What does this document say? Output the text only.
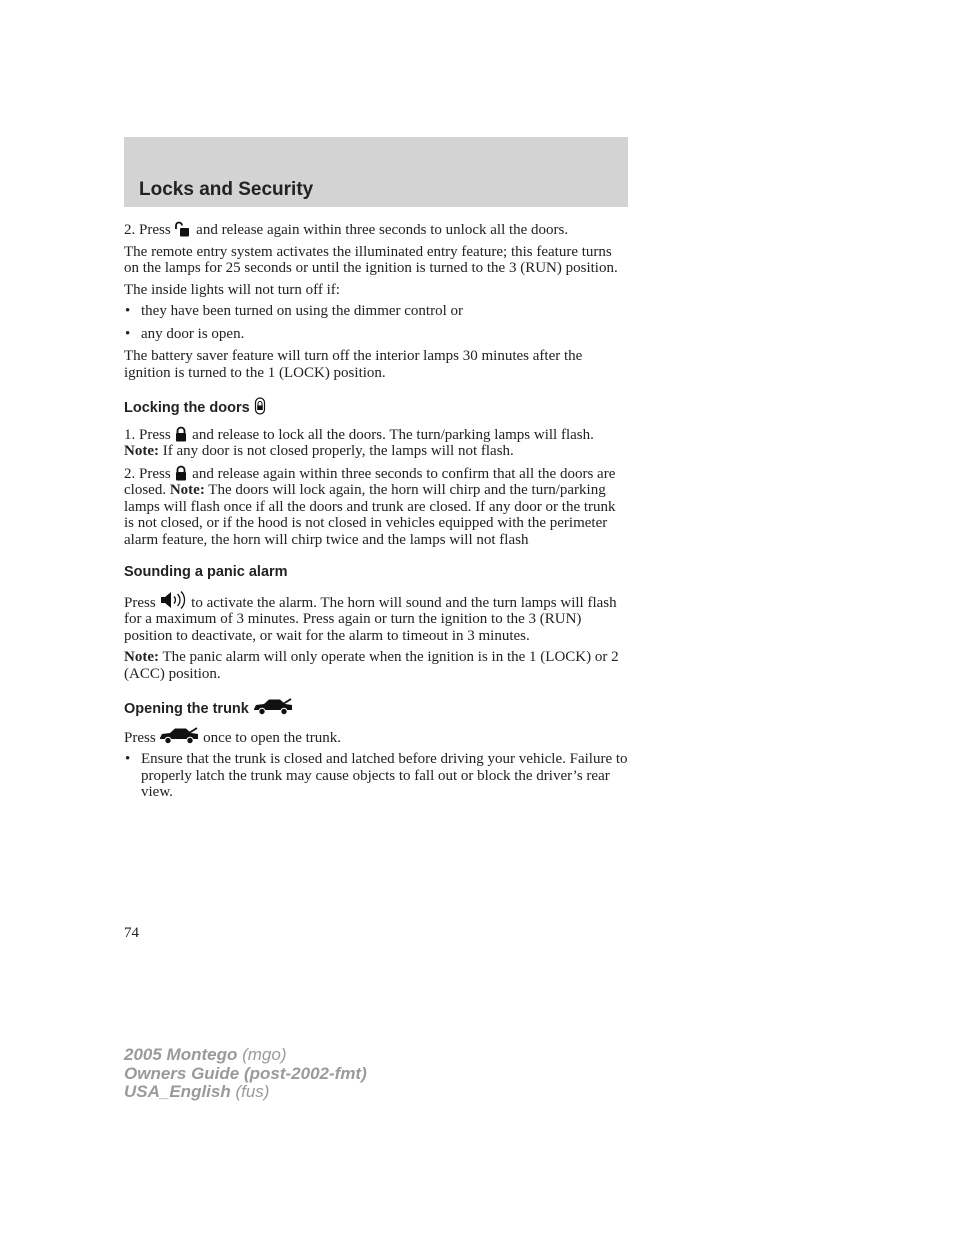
Locks and Security

2. Press
and release again within three seconds to unlock all the doors.

The remote entry system activates the illuminated entry feature; this feature turns on the lamps for 25 seconds or until the ignition is turned to the 3 (RUN) position.

The inside lights will not turn off if:

• they have been turned on using the dimmer control or
• any door is open.

The battery saver feature will turn off the interior lamps 30 minutes after the ignition is turned to the 1 (LOCK) position.

Locking the doors

1. Press
and release to lock all the doors. The turn/parking lamps will flash. Note: If any door is not closed properly, the lamps will not flash.

2. Press
and release again within three seconds to confirm that all the doors are closed. Note: The doors will lock again, the horn will chirp and the turn/parking lamps will flash once if all the doors and trunk are closed. If any door or the trunk is not closed, or if the hood is not closed in vehicles equipped with the perimeter alarm feature, the horn will chirp twice and the lamps will not flash

Sounding a panic alarm

Press
to activate the alarm. The horn will sound and the turn lamps will flash for a maximum of 3 minutes. Press again or turn the ignition to the 3 (RUN) position to deactivate, or wait for the alarm to timeout in 3 minutes.

Note: The panic alarm will only operate when the ignition is in the 1 (LOCK) or 2 (ACC) position.

Opening the trunk

Press	once to open the trunk.

• Ensure that the trunk is closed and latched before driving your vehicle. Failure to properly latch the trunk may cause objects to fall out or block the driver’s rear view.
74
2005 Montego (mgo)
Owners Guide (post-2002-fmt)
USA_English (fus)
